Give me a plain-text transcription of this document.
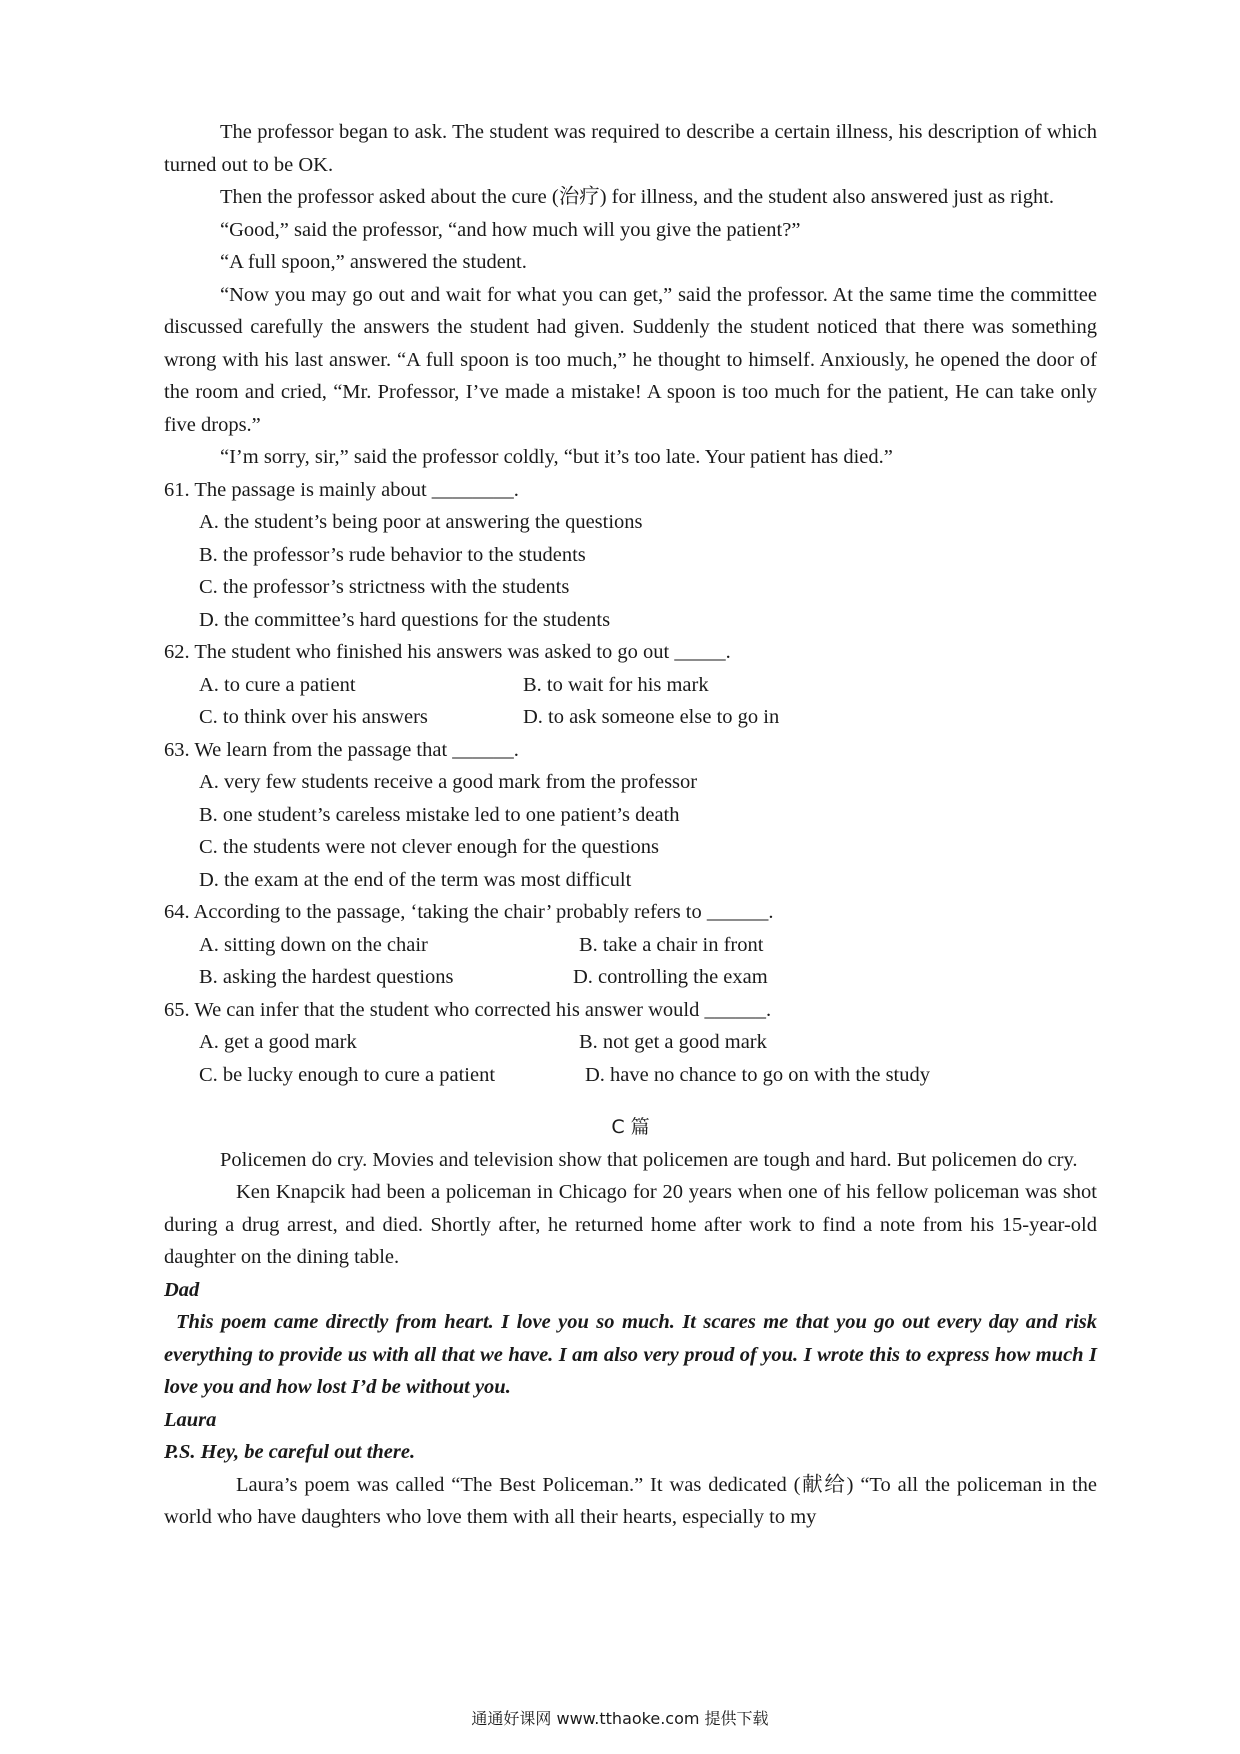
The professor began to ask. The student was required to describe a certain illness, his description of which turned out to be OK.

Then the professor asked about the cure (治疗) for illness, and the student also answered just as right.

“Good,” said the professor, “and how much will you give the patient?”

“A full spoon,” answered the student.

“Now you may go out and wait for what you can get,” said the professor. At the same time the committee discussed carefully the answers the student had given. Suddenly the student noticed that there was something wrong with his last answer. “A full spoon is too much,” he thought to himself. Anxiously, he opened the door of the room and cried, “Mr. Professor, I’ve made a mistake! A spoon is too much for the patient, He can take only five drops.”

“I’m sorry, sir,” said the professor coldly, “but it’s too late. Your patient has died.”

61. The passage is mainly about ________.

A. the student’s being poor at answering the questions

B. the professor’s rude behavior to the students

C. the professor’s strictness with the students

D. the committee’s hard questions for the students

62. The student who finished his answers was asked to go out _____.

A. to cure a patient	B. to wait for his mark
C. to think over his answers	D. to ask someone else to go in

63. We learn from the passage that ______.

A. very few students receive a good mark from the professor

B. one student’s careless mistake led to one patient’s death

C. the students were not clever enough for the questions

D. the exam at the end of the term was most difficult

64. According to the passage, ‘taking the chair’ probably refers to ______.

A. sitting down on the chair	B. take a chair in front
B. asking the hardest questions	D. controlling the exam

65. We can infer that the student who corrected his answer would ______.

A. get a good mark	B. not get a good mark
C. be lucky enough to cure a patient	D. have no chance to go on with the study

C 篇

Policemen do cry. Movies and television show that policemen are tough and hard. But policemen do cry.

Ken Knapcik had been a policeman in Chicago for 20 years when one of his fellow policeman was shot during a drug arrest, and died. Shortly after, he returned home after work to find a note from his 15-year-old daughter on the dining table.

Dad

This poem came directly from heart. I love you so much. It scares me that you go out every day and risk everything to provide us with all that we have. I am also very proud of you. I wrote this to express how much I love you and how lost I’d be without you.

Laura

P.S. Hey, be careful out there.

Laura’s poem was called “The Best Policeman.” It was dedicated (献给) “To all the policeman in the world who have daughters who love them with all their hearts, especially to my

通通好课网 www.tthaoke.com 提供下载
